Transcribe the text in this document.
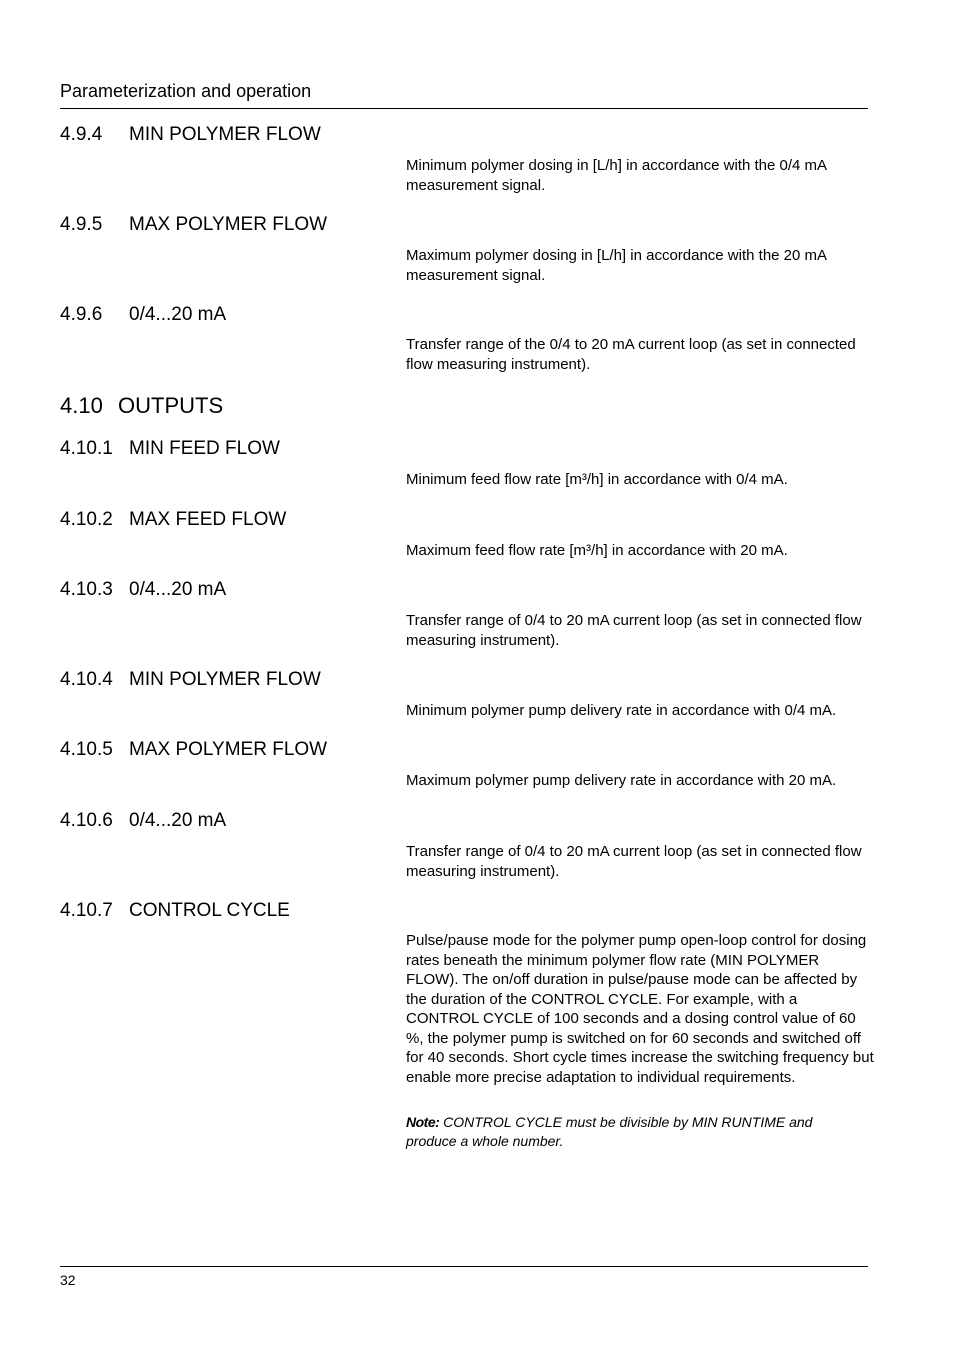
Parameterization and operation
4.9.4 MIN POLYMER FLOW
Minimum polymer dosing in [L/h] in accordance with the 0/4 mA measurement signal.
4.9.5 MAX POLYMER FLOW
Maximum polymer dosing in [L/h] in accordance with the 20 mA measurement signal.
4.9.6 0/4...20 mA
Transfer range of the 0/4 to 20 mA current loop (as set in connected flow measuring instrument).
4.10 OUTPUTS
4.10.1 MIN FEED FLOW
Minimum feed flow rate [m³/h] in accordance with 0/4 mA.
4.10.2 MAX FEED FLOW
Maximum feed flow rate [m³/h] in accordance with 20 mA.
4.10.3 0/4...20 mA
Transfer range of 0/4 to 20 mA current loop (as set in connected flow measuring instrument).
4.10.4 MIN POLYMER FLOW
Minimum polymer pump delivery rate in accordance with 0/4 mA.
4.10.5 MAX POLYMER FLOW
Maximum polymer pump delivery rate in accordance with 20 mA.
4.10.6 0/4...20 mA
Transfer range of 0/4 to 20 mA current loop (as set in connected flow measuring instrument).
4.10.7 CONTROL CYCLE
Pulse/pause mode for the polymer pump open-loop control for dosing rates beneath the minimum polymer flow rate (MIN POLYMER FLOW). The on/off duration in pulse/pause mode can be affected by the duration of the CONTROL CYCLE. For example, with a CONTROL CYCLE of 100 seconds and a dosing control value of 60 %, the polymer pump is switched on for 60 seconds and switched off for 40 seconds. Short cycle times increase the switching frequency but enable more precise adaptation to individual requirements.
Note: CONTROL CYCLE must be divisible by MIN RUNTIME and produce a whole number.
32
